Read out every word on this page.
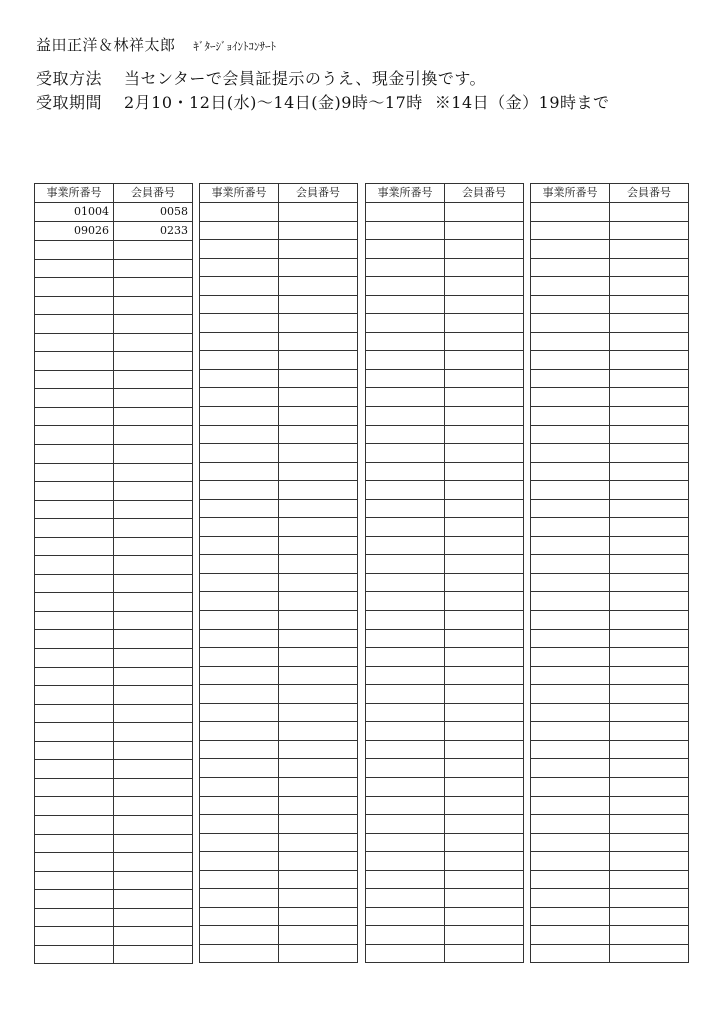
益田正洋＆林祥太郎 ｷﾞﾀｰｼﾞｮｲﾝﾄｺﾝｻｰﾄ
受取方法 当センターで会員証提示のうえ、現金引換です。
受取期間 2月10・12日(水)～14日(金)9時～17時 ※14日（金）19時まで
事業所番号	会員番号
01004	0058
09026	0233

事業所番号	会員番号

		事業所番号	会員番号

		事業所番号	会員番号
